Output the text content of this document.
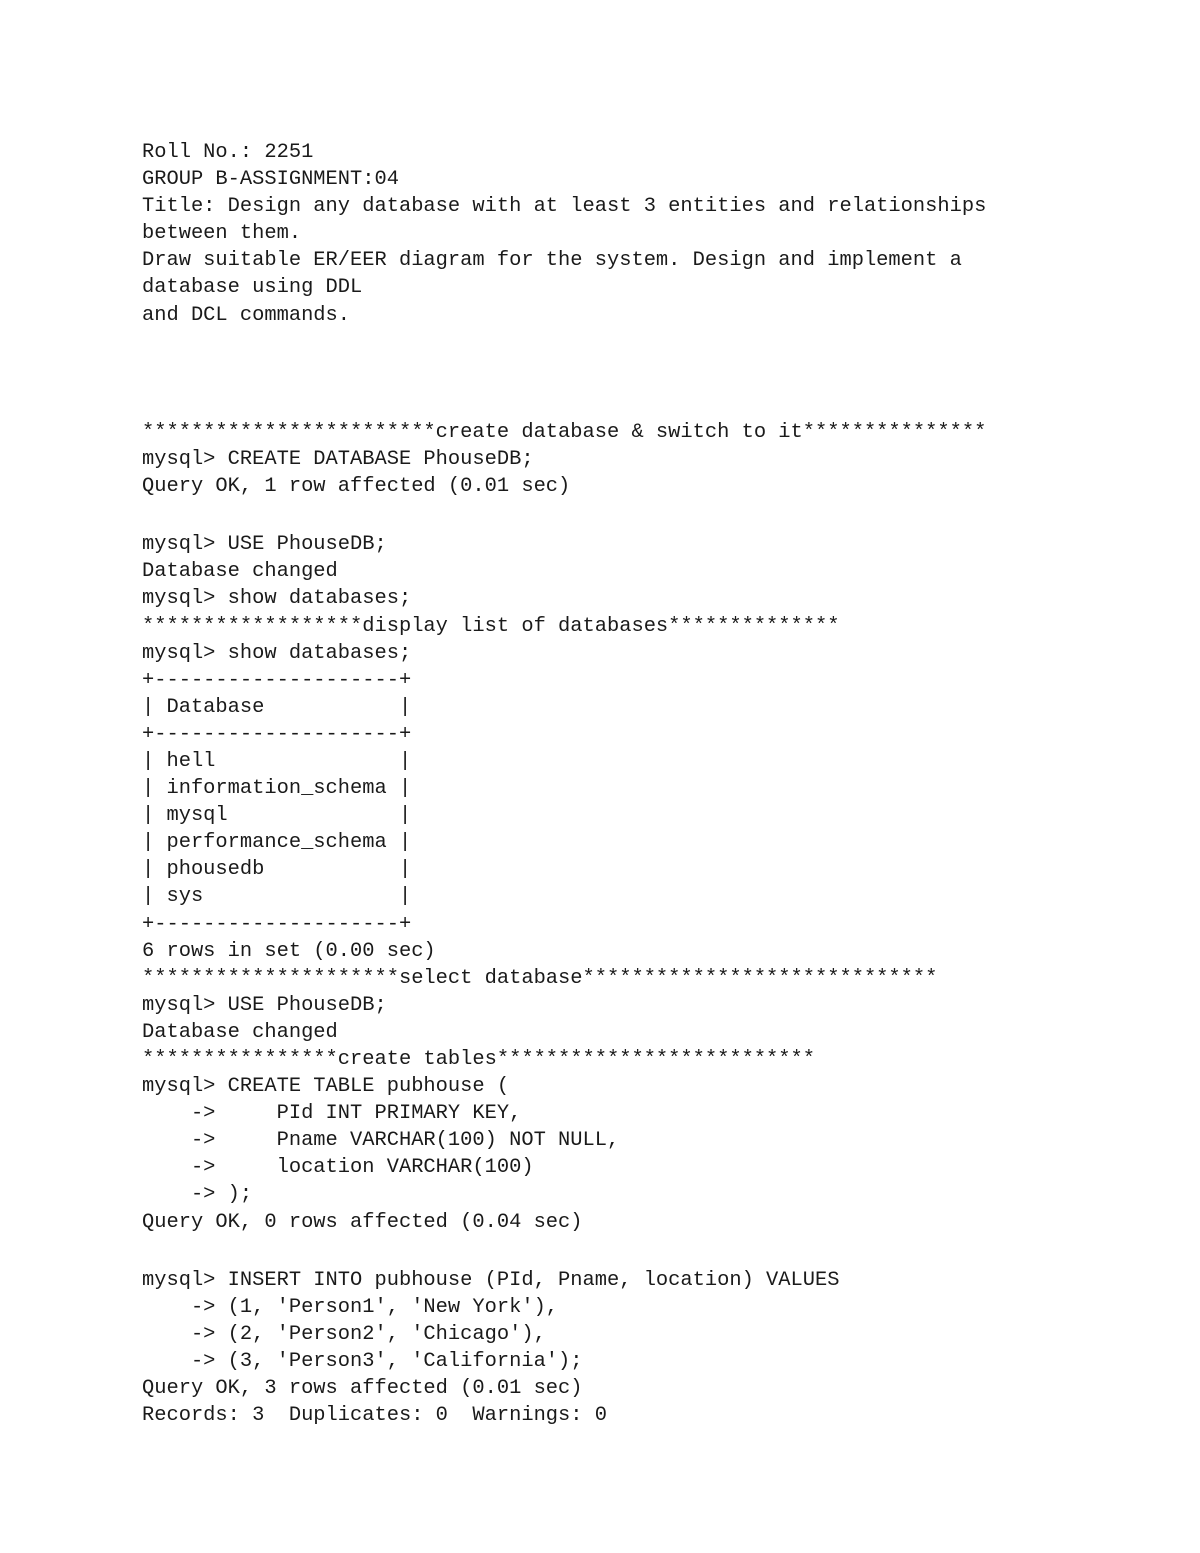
Roll No.: 2251

GROUP B-ASSIGNMENT:04

Title: Design any database with at least 3 entities and relationships

between them.

Draw suitable ER/EER diagram for the system. Design and implement a

database using DDL

and DCL commands.

************************create database & switch to it***************

mysql> CREATE DATABASE PhouseDB;

Query OK, 1 row affected (0.01 sec)

mysql> USE PhouseDB;

Database changed

mysql> show databases;

******************display list of databases**************

mysql> show databases;

+--------------------+

| Database           |

+--------------------+

| hell               |

| information_schema |

| mysql              |

| performance_schema |

| phousedb           |

| sys                |

+--------------------+

6 rows in set (0.00 sec)

*********************select database*****************************

mysql> USE PhouseDB;

Database changed

****************create tables**************************

mysql> CREATE TABLE pubhouse (

->     PId INT PRIMARY KEY,

->     Pname VARCHAR(100) NOT NULL,

->     location VARCHAR(100)

-> );

Query OK, 0 rows affected (0.04 sec)

mysql> INSERT INTO pubhouse (PId, Pname, location) VALUES

-> (1, 'Person1', 'New York'),

-> (2, 'Person2', 'Chicago'),

-> (3, 'Person3', 'California');

Query OK, 3 rows affected (0.01 sec)

Records: 3  Duplicates: 0  Warnings: 0
